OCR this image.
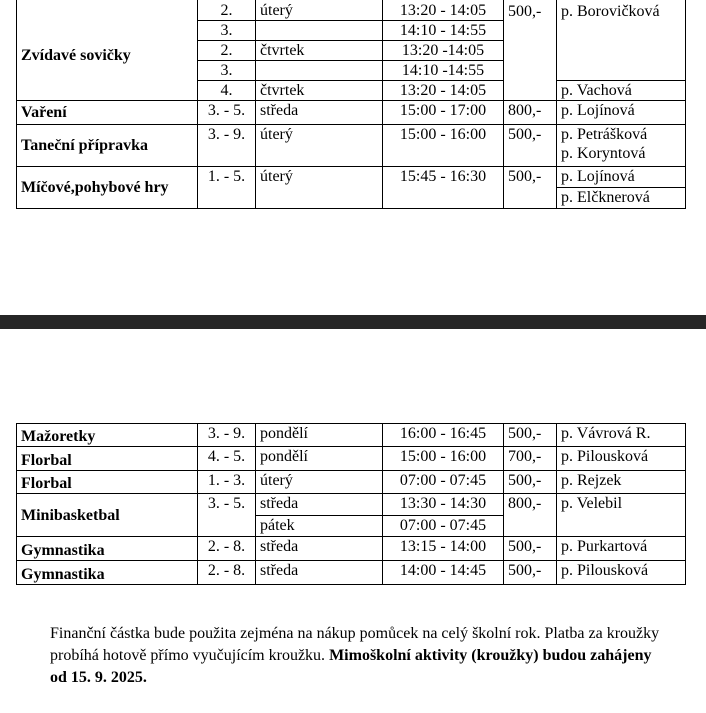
Zvídavé sovičky	2.	úterý	13:20 - 14:05	500,-	p. Borovičková
	3.		14:10 - 14:55		
	2.	čtvrtek	13:20 -14:05		
	3.		14:10 -14:55		
	4.	čtvrtek	13:20 - 14:05		p. Vachová
Vaření	3. - 5.	středa	15:00 - 17:00	800,-	p. Lojínová
Taneční přípravka	3. - 9.	úterý	15:00 - 16:00	500,-	p. Petrášková
p. Koryntová

Míčové,pohybové hry	1. - 5.	úterý	15:45 - 16:30	500,-	p. Lojínová
					p. Elčknerová
Mažoretky	3. - 9.	pondělí	16:00 - 16:45	500,-	p. Vávrová R.
Florbal	4. - 5.	pondělí	15:00 - 16:00	700,-	p. Pilousková
Florbal	1. - 3.	úterý	07:00 - 07:45	500,-	p. Rejzek
Minibasketbal	3. - 5.	středa	13:30 - 14:30	800,-	p. Velebil
		pátek	07:00 - 07:45		
Gymnastika	2. - 8.	středa	13:15 - 14:00	500,-	p. Purkartová
Gymnastika	2. - 8.	středa	14:00 - 14:45	500,-	p. Pilousková

Finanční částka bude použita zejména na nákup pomůcek na celý školní rok. Platba za kroužky probíhá hotově přímo vyučujícím kroužku. Mimoškolní aktivity (kroužky) budou zahájeny od 15. 9. 2025.
